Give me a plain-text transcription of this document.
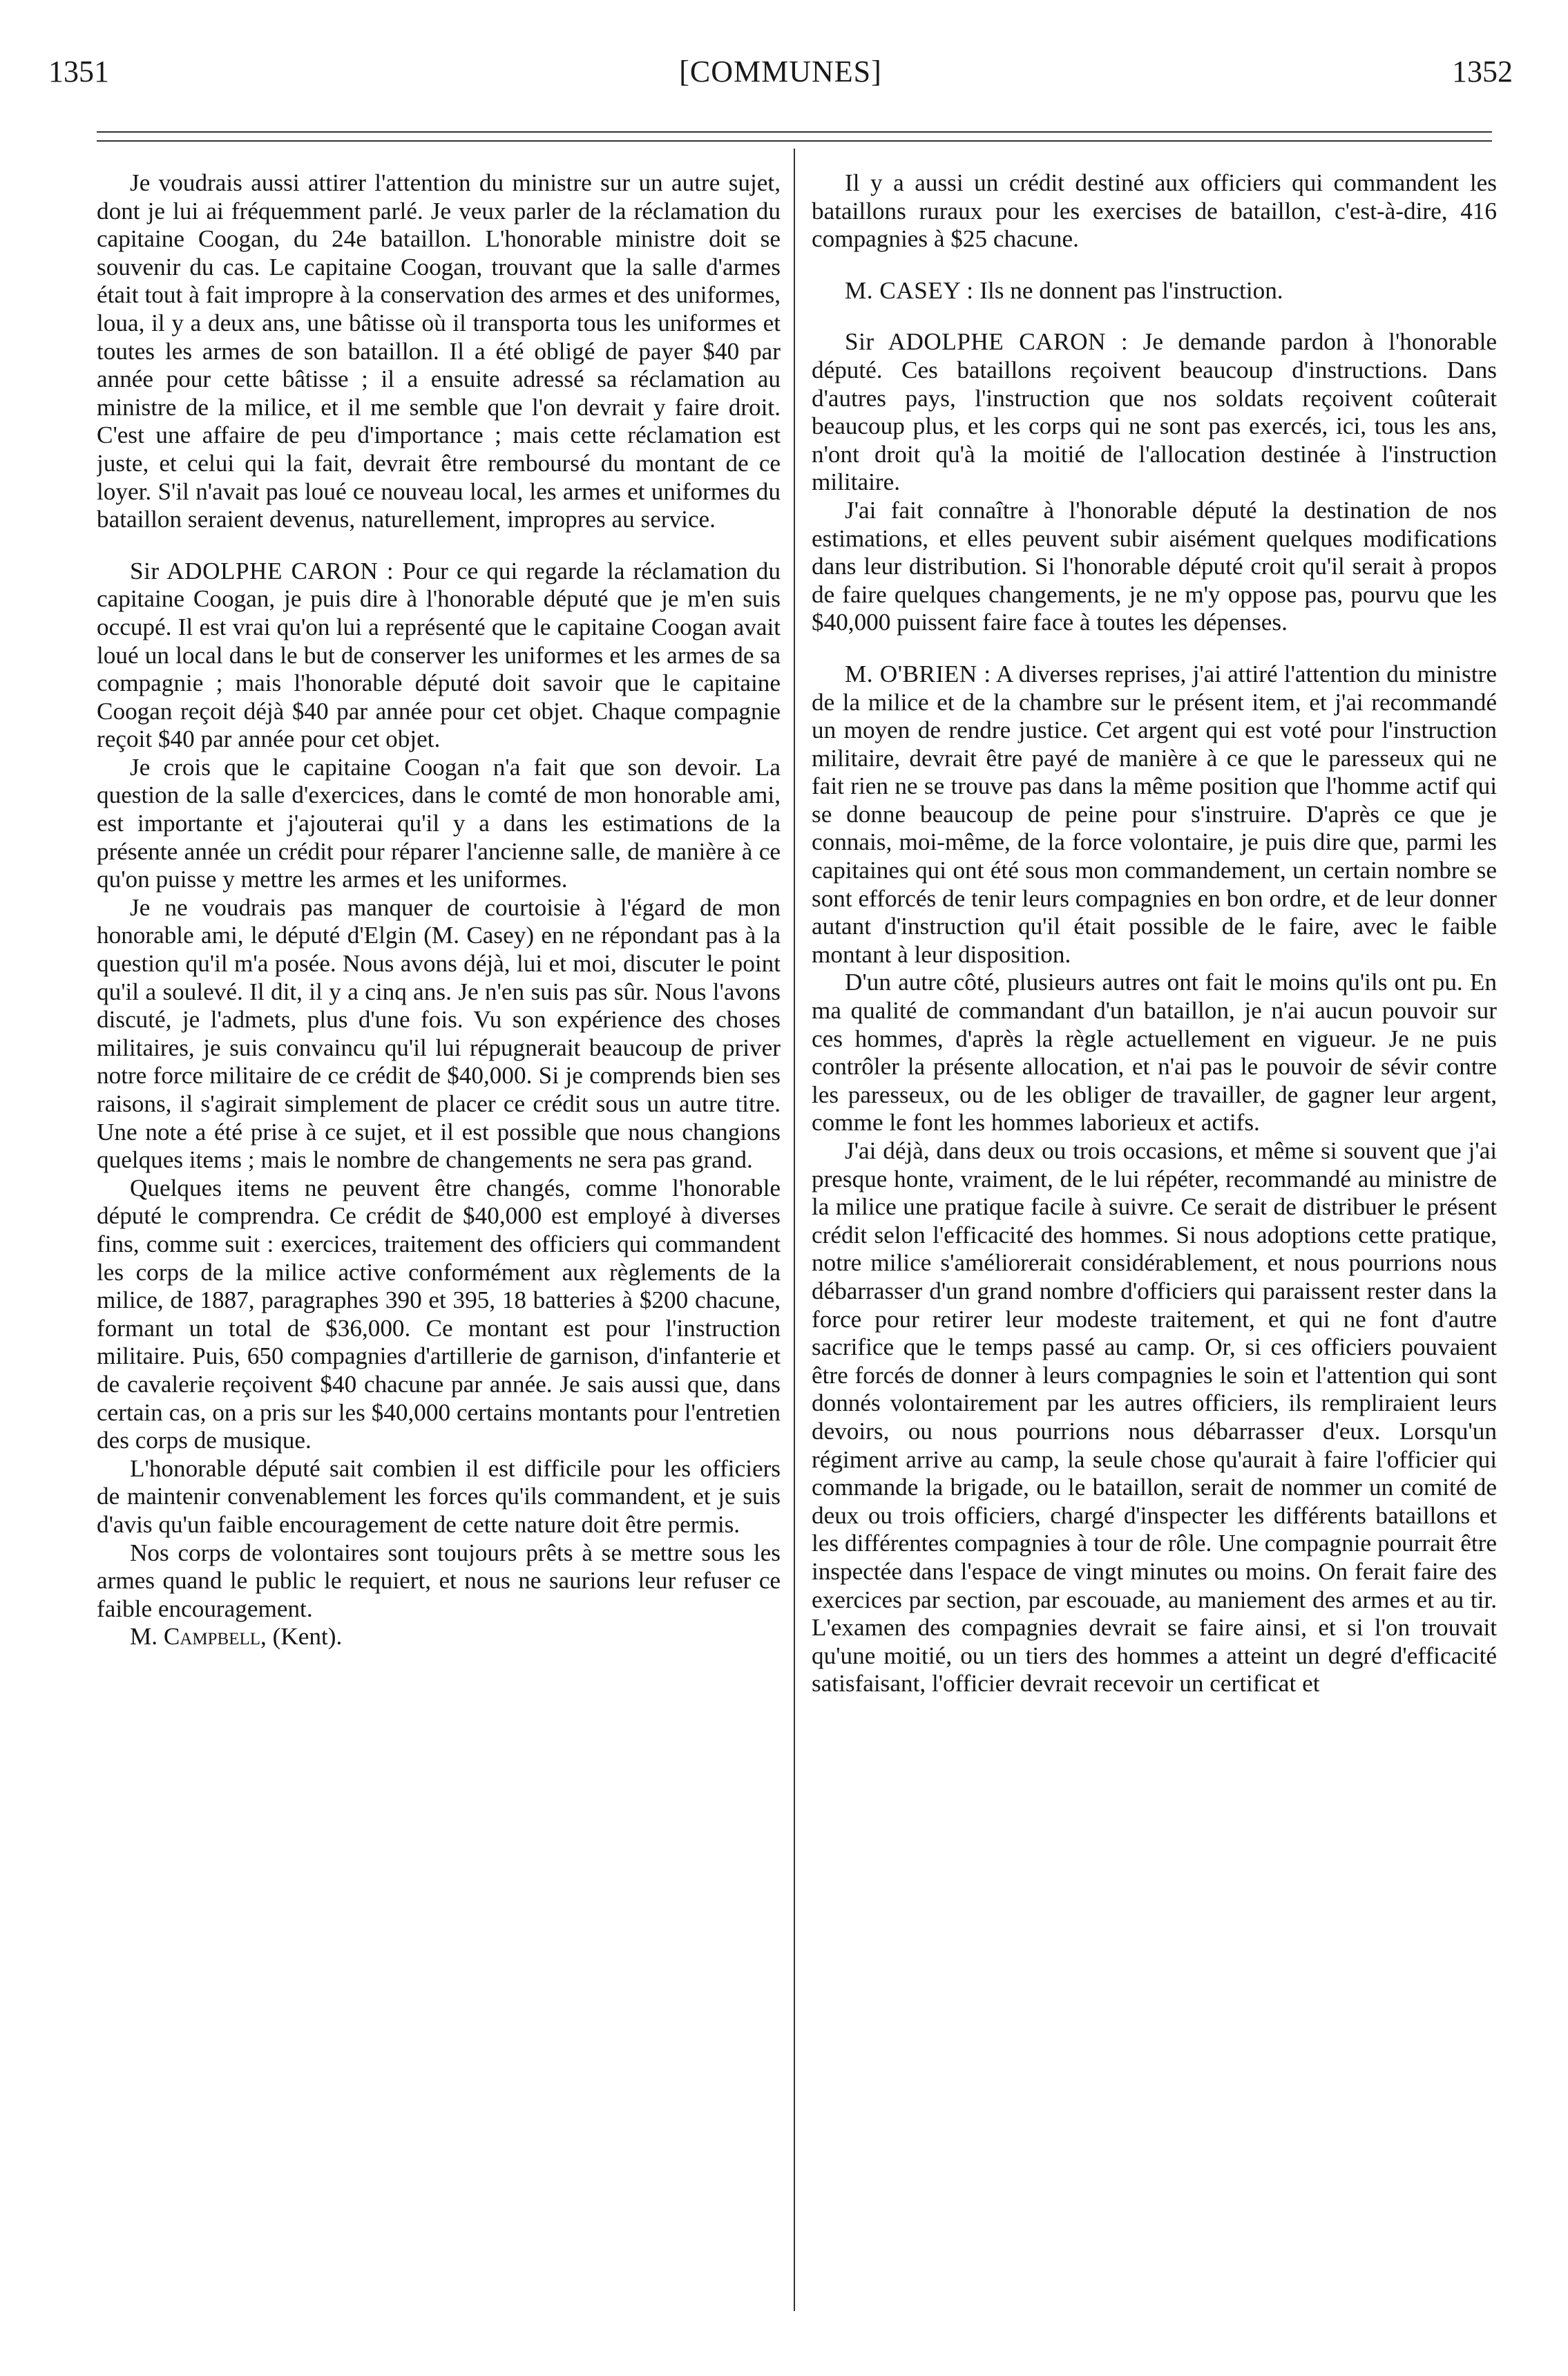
1351	[COMMUNES]	1352

Je voudrais aussi attirer l'attention du ministre sur un autre sujet, dont je lui ai fréquemment parlé. Je veux parler de la réclamation du capitaine Coogan, du 24e bataillon. L'honorable ministre doit se souvenir du cas. Le capitaine Coogan, trouvant que la salle d'armes était tout à fait impropre à la conservation des armes et des uniformes, loua, il y a deux ans, une bâtisse où il transporta tous les uniformes et toutes les armes de son bataillon. Il a été obligé de payer $40 par année pour cette bâtisse ; il a ensuite adressé sa réclamation au ministre de la milice, et il me semble que l'on devrait y faire droit. C'est une affaire de peu d'importance ; mais cette réclamation est juste, et celui qui la fait, devrait être remboursé du montant de ce loyer. S'il n'avait pas loué ce nouveau local, les armes et uniformes du bataillon seraient devenus, naturellement, impropres au service.

Sir ADOLPHE CARON : Pour ce qui regarde la réclamation du capitaine Coogan, je puis dire à l'honorable député que je m'en suis occupé. Il est vrai qu'on lui a représenté que le capitaine Coogan avait loué un local dans le but de conserver les uniformes et les armes de sa compagnie ; mais l'honorable député doit savoir que le capitaine Coogan reçoit déjà $40 par année pour cet objet. Chaque compagnie reçoit $40 par année pour cet objet.

Je crois que le capitaine Coogan n'a fait que son devoir. La question de la salle d'exercices, dans le comté de mon honorable ami, est importante et j'ajouterai qu'il y a dans les estimations de la présente année un crédit pour réparer l'ancienne salle, de manière à ce qu'on puisse y mettre les armes et les uniformes.

Je ne voudrais pas manquer de courtoisie à l'égard de mon honorable ami, le député d'Elgin (M. Casey) en ne répondant pas à la question qu'il m'a posée. Nous avons déjà, lui et moi, discuter le point qu'il a soulevé. Il dit, il y a cinq ans. Je n'en suis pas sûr. Nous l'avons discuté, je l'admets, plus d'une fois. Vu son expérience des choses militaires, je suis convaincu qu'il lui répugnerait beaucoup de priver notre force militaire de ce crédit de $40,000. Si je comprends bien ses raisons, il s'agirait simplement de placer ce crédit sous un autre titre. Une note a été prise à ce sujet, et il est possible que nous changions quelques items ; mais le nombre de changements ne sera pas grand.

Quelques items ne peuvent être changés, comme l'honorable député le comprendra. Ce crédit de $40,000 est employé à diverses fins, comme suit : exercices, traitement des officiers qui commandent les corps de la milice active conformément aux règlements de la milice, de 1887, paragraphes 390 et 395, 18 batteries à $200 chacune, formant un total de $36,000. Ce montant est pour l'instruction militaire. Puis, 650 compagnies d'artillerie de garnison, d'infanterie et de cavalerie reçoivent $40 chacune par année. Je sais aussi que, dans certain cas, on a pris sur les $40,000 certains montants pour l'entretien des corps de musique.

L'honorable député sait combien il est difficile pour les officiers de maintenir convenablement les forces qu'ils commandent, et je suis d'avis qu'un faible encouragement de cette nature doit être permis.

Nos corps de volontaires sont toujours prêts à se mettre sous les armes quand le public le requiert, et nous ne saurions leur refuser ce faible encouragement.

M. Campbell, (Kent).

Il y a aussi un crédit destiné aux officiers qui commandent les bataillons ruraux pour les exercises de bataillon, c'est-à-dire, 416 compagnies à $25 chacune.

M. CASEY : Ils ne donnent pas l'instruction.

Sir ADOLPHE CARON : Je demande pardon à l'honorable député. Ces bataillons reçoivent beaucoup d'instructions. Dans d'autres pays, l'instruction que nos soldats reçoivent coûterait beaucoup plus, et les corps qui ne sont pas exercés, ici, tous les ans, n'ont droit qu'à la moitié de l'allocation destinée à l'instruction militaire.

J'ai fait connaître à l'honorable député la destination de nos estimations, et elles peuvent subir aisément quelques modifications dans leur distribution. Si l'honorable député croit qu'il serait à propos de faire quelques changements, je ne m'y oppose pas, pourvu que les $40,000 puissent faire face à toutes les dépenses.

M. O'BRIEN : A diverses reprises, j'ai attiré l'attention du ministre de la milice et de la chambre sur le présent item, et j'ai recommandé un moyen de rendre justice. Cet argent qui est voté pour l'instruction militaire, devrait être payé de manière à ce que le paresseux qui ne fait rien ne se trouve pas dans la même position que l'homme actif qui se donne beaucoup de peine pour s'instruire. D'après ce que je connais, moi-même, de la force volontaire, je puis dire que, parmi les capitaines qui ont été sous mon commandement, un certain nombre se sont efforcés de tenir leurs compagnies en bon ordre, et de leur donner autant d'instruction qu'il était possible de le faire, avec le faible montant à leur disposition.

D'un autre côté, plusieurs autres ont fait le moins qu'ils ont pu. En ma qualité de commandant d'un bataillon, je n'ai aucun pouvoir sur ces hommes, d'après la règle actuellement en vigueur. Je ne puis contrôler la présente allocation, et n'ai pas le pouvoir de sévir contre les paresseux, ou de les obliger de travailler, de gagner leur argent, comme le font les hommes laborieux et actifs.

J'ai déjà, dans deux ou trois occasions, et même si souvent que j'ai presque honte, vraiment, de le lui répéter, recommandé au ministre de la milice une pratique facile à suivre. Ce serait de distribuer le présent crédit selon l'efficacité des hommes. Si nous adoptions cette pratique, notre milice s'améliorerait considérablement, et nous pourrions nous débarrasser d'un grand nombre d'officiers qui paraissent rester dans la force pour retirer leur modeste traitement, et qui ne font d'autre sacrifice que le temps passé au camp. Or, si ces officiers pouvaient être forcés de donner à leurs compagnies le soin et l'attention qui sont donnés volontairement par les autres officiers, ils rempliraient leurs devoirs, ou nous pourrions nous débarrasser d'eux. Lorsqu'un régiment arrive au camp, la seule chose qu'aurait à faire l'officier qui commande la brigade, ou le bataillon, serait de nommer un comité de deux ou trois officiers, chargé d'inspecter les différents bataillons et les différentes compagnies à tour de rôle. Une compagnie pourrait être inspectée dans l'espace de vingt minutes ou moins. On ferait faire des exercices par section, par escouade, au maniement des armes et au tir. L'examen des compagnies devrait se faire ainsi, et si l'on trouvait qu'une moitié, ou un tiers des hommes a atteint un degré d'efficacité satisfaisant, l'officier devrait recevoir un certificat et
